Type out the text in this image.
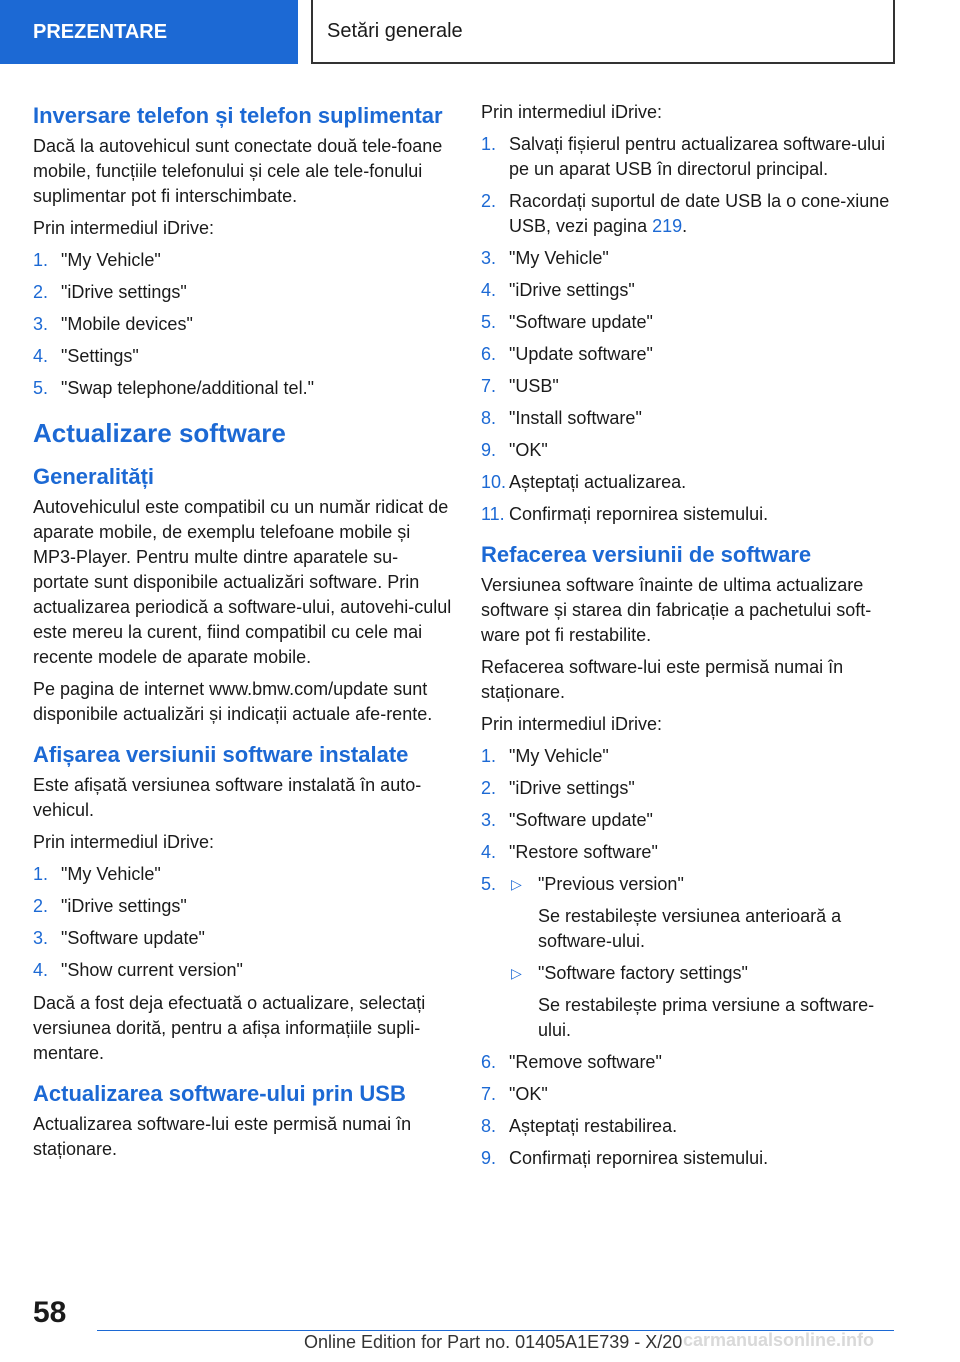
PREZENTARE	Setări generale
Inversare telefon și telefon suplimentar

Dacă la autovehicul sunt conectate două tele-foane mobile, funcțiile telefonului și cele ale tele-fonului suplimentar pot fi interschimbate.

Prin intermediul iDrive:

1. "My Vehicle"
2. "iDrive settings"
3. "Mobile devices"
4. "Settings"
5. "Swap telephone/additional tel."
Actualizare software
Generalități

Autovehiculul este compatibil cu un număr ridicat de aparate mobile, de exemplu telefoane mobile și MP3-Player. Pentru multe dintre aparatele su-portate sunt disponibile actualizări software. Prin actualizarea periodică a software-ului, autovehi-culul este mereu la curent, fiind compatibil cu cele mai recente modele de aparate mobile.

Pe pagina de internet www.bmw.com/update sunt disponibile actualizări și indicații actuale afe-rente.

Afișarea versiunii software instalate

Este afișată versiunea software instalată în auto-vehicul.

Prin intermediul iDrive:

1. "My Vehicle"
2. "iDrive settings"
3. "Software update"
4. "Show current version"

Dacă a fost deja efectuată o actualizare, selectați versiunea dorită, pentru a afișa informațiile supli-mentare.

Actualizarea software-ului prin USB

Actualizarea software-lui este permisă numai în staționare.

Prin intermediul iDrive:

1. Salvați fișierul pentru actualizarea software-ului pe un aparat USB în directorul principal.
2. Racordați suportul de date USB la o cone-xiune USB, vezi pagina 219.
3. "My Vehicle"
4. "iDrive settings"
5. "Software update"
6. "Update software"
7. "USB"
8. "Install software"
9. "OK"
10. Așteptați actualizarea.
11. Confirmați repornirea sistemului.
Refacerea versiunii de software

Versiunea software înainte de ultima actualizare software și starea din fabricație a pachetului soft-ware pot fi restabilite.

Refacerea software-lui este permisă numai în staționare.

Prin intermediul iDrive:

1. "My Vehicle"
2. "iDrive settings"
3. "Software update"
4. "Restore software"
5. ▷ "Previous version"
Se restabilește versiunea anterioară a software-ului.
▷ "Software factory settings"
Se restabilește prima versiune a software-ului.
6. "Remove software"
7. "OK"
8. Așteptați restabilirea.
9. Confirmați repornirea sistemului.
58
Online Edition for Part no. 01405A1E739 - X/20 carmanualsonline.info
